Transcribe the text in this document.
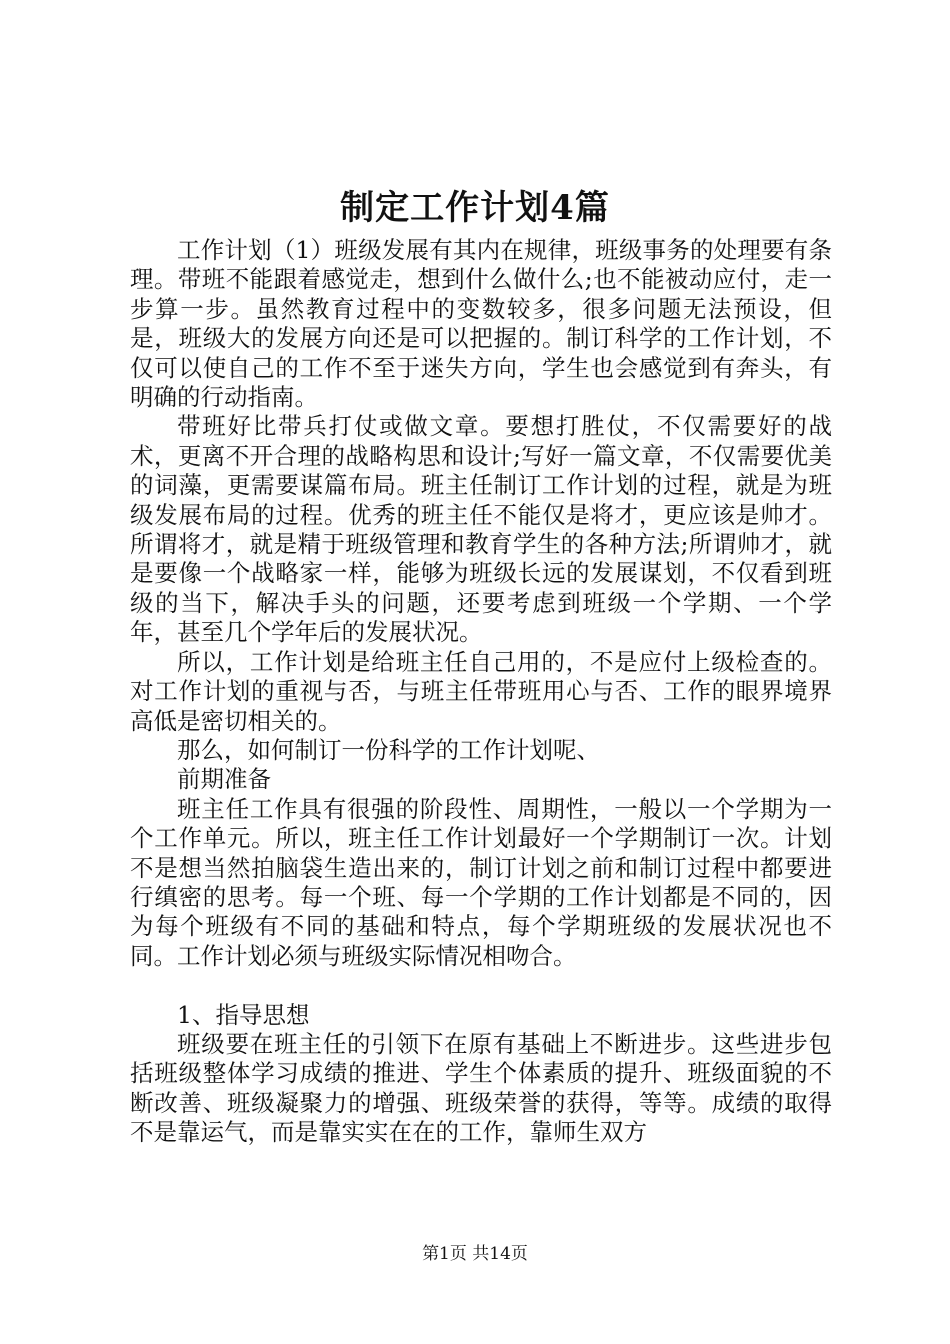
制定工作计划4篇

工作计划（1）班级发展有其内在规律，班级事务的处理要有条理。带班不能跟着感觉走，想到什么做什么;也不能被动应付，走一步算一步。虽然教育过程中的变数较多，很多问题无法预设，但是，班级大的发展方向还是可以把握的。制订科学的工作计划，不仅可以使自己的工作不至于迷失方向，学生也会感觉到有奔头，有明确的行动指南。

带班好比带兵打仗或做文章。要想打胜仗，不仅需要好的战术，更离不开合理的战略构思和设计;写好一篇文章，不仅需要优美的词藻，更需要谋篇布局。班主任制订工作计划的过程，就是为班级发展布局的过程。优秀的班主任不能仅是将才，更应该是帅才。所谓将才，就是精于班级管理和教育学生的各种方法;所谓帅才，就是要像一个战略家一样，能够为班级长远的发展谋划，不仅看到班级的当下，解决手头的问题，还要考虑到班级一个学期、一个学年，甚至几个学年后的发展状况。

所以，工作计划是给班主任自己用的，不是应付上级检查的。对工作计划的重视与否，与班主任带班用心与否、工作的眼界境界高低是密切相关的。

那么，如何制订一份科学的工作计划呢、

前期准备

班主任工作具有很强的阶段性、周期性，一般以一个学期为一个工作单元。所以，班主任工作计划最好一个学期制订一次。计划不是想当然拍脑袋生造出来的，制订计划之前和制订过程中都要进行缜密的思考。每一个班、每一个学期的工作计划都是不同的，因为每个班级有不同的基础和特点，每个学期班级的发展状况也不同。工作计划必须与班级实际情况相吻合。

1、指导思想

班级要在班主任的引领下在原有基础上不断进步。这些进步包括班级整体学习成绩的推进、学生个体素质的提升、班级面貌的不断改善、班级凝聚力的增强、班级荣誉的获得，等等。成绩的取得不是靠运气，而是靠实实在在的工作，靠师生双方

第1页 共14页
